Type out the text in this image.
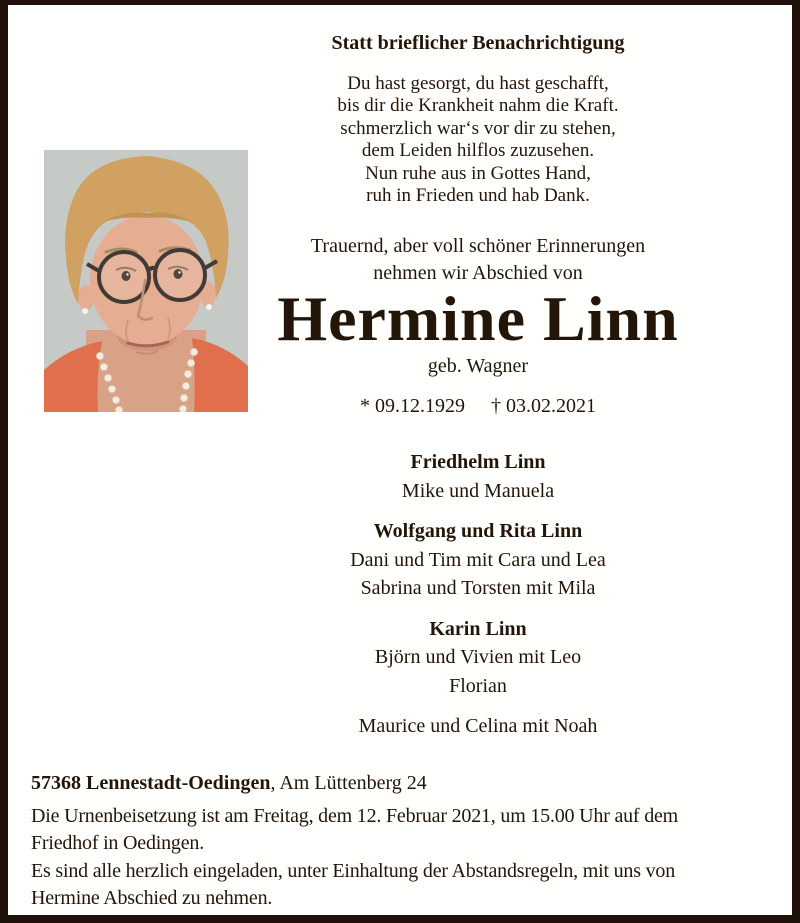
Statt brieflicher Benachrichtigung
Du hast gesorgt, du hast geschafft,
bis dir die Krankheit nahm die Kraft.
schmerzlich war‘s vor dir zu stehen,
dem Leiden hilflos zuzusehen.
Nun ruhe aus in Gottes Hand,
ruh in Frieden und hab Dank.
Trauernd, aber voll schöner Erinnerungen
nehmen wir Abschied von
Hermine Linn
geb. Wagner
* 09.12.1929 † 03.02.2021
Friedhelm Linn
Mike und Manuela
Wolfgang und Rita Linn
Dani und Tim mit Cara und Lea
Sabrina und Torsten mit Mila
Karin Linn
Björn und Vivien mit Leo
Florian
Maurice und Celina mit Noah
57368 Lennestadt-Oedingen, Am Lüttenberg 24
Die Urnenbeisetzung ist am Freitag, dem 12. Februar 2021, um 15.00 Uhr auf dem
Friedhof in Oedingen.
Es sind alle herzlich eingeladen, unter Einhaltung der Abstandsregeln, mit uns von
Hermine Abschied zu nehmen.
